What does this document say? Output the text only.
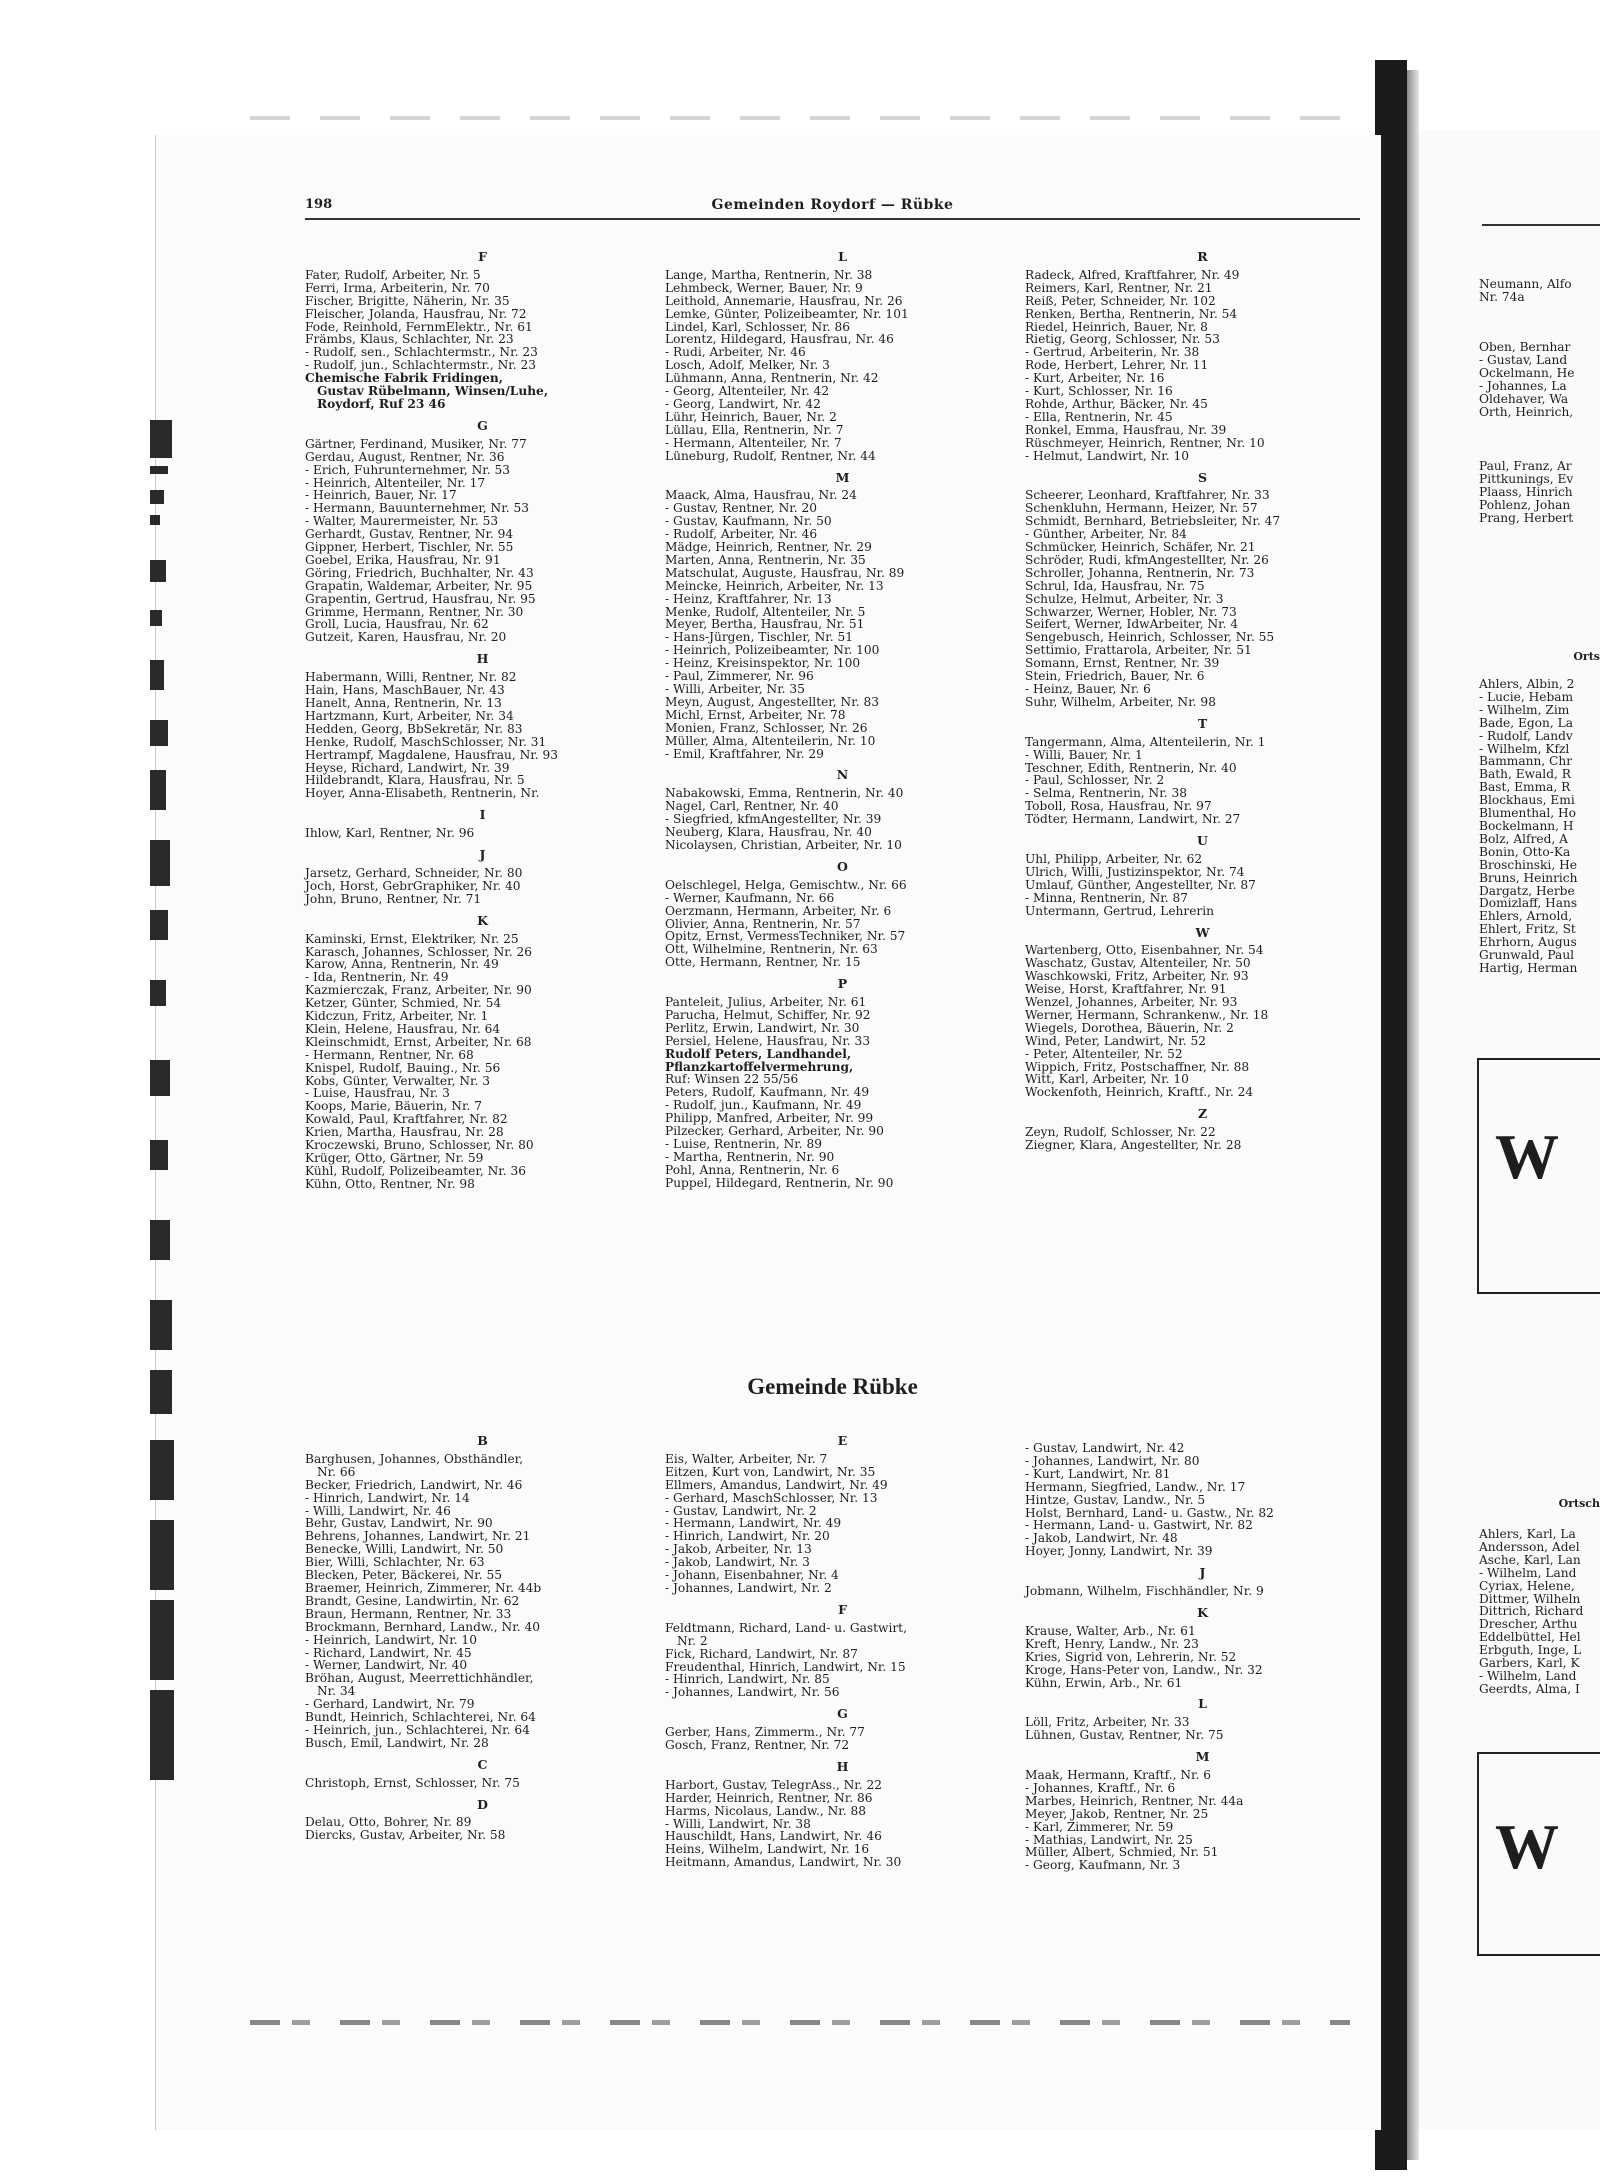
198	Gemeinden Roydorf — Rübke
F
Fater, Rudolf, Arbeiter, Nr. 5
Ferri, Irma, Arbeiterin, Nr. 70
Fischer, Brigitte, Näherin, Nr. 35
Fleischer, Jolanda, Hausfrau, Nr. 72
Fode, Reinhold, FernmElektr., Nr. 61
Främbs, Klaus, Schlachter, Nr. 23
- Rudolf, sen., Schlachtermstr., Nr. 23
- Rudolf, jun., Schlachtermstr., Nr. 23
Chemische Fabrik Fridingen,
Gustav Rübelmann, Winsen/Luhe,
Roydorf, Ruf 23 46
G
Gärtner, Ferdinand, Musiker, Nr. 77
Gerdau, August, Rentner, Nr. 36
- Erich, Fuhrunternehmer, Nr. 53
- Heinrich, Altenteiler, Nr. 17
- Heinrich, Bauer, Nr. 17
- Hermann, Bauunternehmer, Nr. 53
- Walter, Maurermeister, Nr. 53
Gerhardt, Gustav, Rentner, Nr. 94
Gippner, Herbert, Tischler, Nr. 55
Goebel, Erika, Hausfrau, Nr. 91
Göring, Friedrich, Buchhalter, Nr. 43
Grapatin, Waldemar, Arbeiter, Nr. 95
Grapentin, Gertrud, Hausfrau, Nr. 95
Grimme, Hermann, Rentner, Nr. 30
Groll, Lucia, Hausfrau, Nr. 62
Gutzeit, Karen, Hausfrau, Nr. 20
H
Habermann, Willi, Rentner, Nr. 82
Hain, Hans, MaschBauer, Nr. 43
Hanelt, Anna, Rentnerin, Nr. 13
Hartzmann, Kurt, Arbeiter, Nr. 34
Hedden, Georg, BbSekretär, Nr. 83
Henke, Rudolf, MaschSchlosser, Nr. 31
Hertrampf, Magdalene, Hausfrau, Nr. 93
Heyse, Richard, Landwirt, Nr. 39
Hildebrandt, Klara, Hausfrau, Nr. 5
Hoyer, Anna-Elisabeth, Rentnerin, Nr.
I
Ihlow, Karl, Rentner, Nr. 96
J
Jarsetz, Gerhard, Schneider, Nr. 80
Joch, Horst, GebrGraphiker, Nr. 40
John, Bruno, Rentner, Nr. 71
K
Kaminski, Ernst, Elektriker, Nr. 25
Karasch, Johannes, Schlosser, Nr. 26
Karow, Anna, Rentnerin, Nr. 49
- Ida, Rentnerin, Nr. 49
Kazmierczak, Franz, Arbeiter, Nr. 90
Ketzer, Günter, Schmied, Nr. 54
Kidczun, Fritz, Arbeiter, Nr. 1
Klein, Helene, Hausfrau, Nr. 64
Kleinschmidt, Ernst, Arbeiter, Nr. 68
- Hermann, Rentner, Nr. 68
Knispel, Rudolf, Bauing., Nr. 56
Kobs, Günter, Verwalter, Nr. 3
- Luise, Hausfrau, Nr. 3
Koops, Marie, Bäuerin, Nr. 7
Kowald, Paul, Kraftfahrer, Nr. 82
Krien, Martha, Hausfrau, Nr. 28
Kroczewski, Bruno, Schlosser, Nr. 80
Krüger, Otto, Gärtner, Nr. 59
Kühl, Rudolf, Polizeibeamter, Nr. 36
Kühn, Otto, Rentner, Nr. 98
L
Lange, Martha, Rentnerin, Nr. 38
Lehmbeck, Werner, Bauer, Nr. 9
Leithold, Annemarie, Hausfrau, Nr. 26
Lemke, Günter, Polizeibeamter, Nr. 101
Lindel, Karl, Schlosser, Nr. 86
Lorentz, Hildegard, Hausfrau, Nr. 46
- Rudi, Arbeiter, Nr. 46
Losch, Adolf, Melker, Nr. 3
Lühmann, Anna, Rentnerin, Nr. 42
- Georg, Altenteiler, Nr. 42
- Georg, Landwirt, Nr. 42
Lühr, Heinrich, Bauer, Nr. 2
Lüllau, Ella, Rentnerin, Nr. 7
- Hermann, Altenteiler, Nr. 7
Lüneburg, Rudolf, Rentner, Nr. 44
M
Maack, Alma, Hausfrau, Nr. 24
- Gustav, Rentner, Nr. 20
- Gustav, Kaufmann, Nr. 50
- Rudolf, Arbeiter, Nr. 46
Mädge, Heinrich, Rentner, Nr. 29
Marten, Anna, Rentnerin, Nr. 35
Matschulat, Auguste, Hausfrau, Nr. 89
Meincke, Heinrich, Arbeiter, Nr. 13
- Heinz, Kraftfahrer, Nr. 13
Menke, Rudolf, Altenteiler, Nr. 5
Meyer, Bertha, Hausfrau, Nr. 51
- Hans-Jürgen, Tischler, Nr. 51
- Heinrich, Polizeibeamter, Nr. 100
- Heinz, Kreisinspektor, Nr. 100
- Paul, Zimmerer, Nr. 96
- Willi, Arbeiter, Nr. 35
Meyn, August, Angestellter, Nr. 83
Michl, Ernst, Arbeiter, Nr. 78
Monien, Franz, Schlosser, Nr. 26
Müller, Alma, Altenteilerin, Nr. 10
- Emil, Kraftfahrer, Nr. 29
N
Nabakowski, Emma, Rentnerin, Nr. 40
Nagel, Carl, Rentner, Nr. 40
- Siegfried, kfmAngestellter, Nr. 39
Neuberg, Klara, Hausfrau, Nr. 40
Nicolaysen, Christian, Arbeiter, Nr. 10
O
Oelschlegel, Helga, Gemischtw., Nr. 66
- Werner, Kaufmann, Nr. 66
Oerzmann, Hermann, Arbeiter, Nr. 6
Olivier, Anna, Rentnerin, Nr. 57
Opitz, Ernst, VermessTechniker, Nr. 57
Ott, Wilhelmine, Rentnerin, Nr. 63
Otte, Hermann, Rentner, Nr. 15
P
Panteleit, Julius, Arbeiter, Nr. 61
Parucha, Helmut, Schiffer, Nr. 92
Perlitz, Erwin, Landwirt, Nr. 30
Persiel, Helene, Hausfrau, Nr. 33
Rudolf Peters, Landhandel,
Pflanzkartoffelvermehrung,
Ruf: Winsen 22 55/56
Peters, Rudolf, Kaufmann, Nr. 49
- Rudolf, jun., Kaufmann, Nr. 49
Philipp, Manfred, Arbeiter, Nr. 99
Pilzecker, Gerhard, Arbeiter, Nr. 90
- Luise, Rentnerin, Nr. 89
- Martha, Rentnerin, Nr. 90
Pohl, Anna, Rentnerin, Nr. 6
Puppel, Hildegard, Rentnerin, Nr. 90
R
Radeck, Alfred, Kraftfahrer, Nr. 49
Reimers, Karl, Rentner, Nr. 21
Reiß, Peter, Schneider, Nr. 102
Renken, Bertha, Rentnerin, Nr. 54
Riedel, Heinrich, Bauer, Nr. 8
Rietig, Georg, Schlosser, Nr. 53
- Gertrud, Arbeiterin, Nr. 38
Rode, Herbert, Lehrer, Nr. 11
- Kurt, Arbeiter, Nr. 16
- Kurt, Schlosser, Nr. 16
Rohde, Arthur, Bäcker, Nr. 45
- Ella, Rentnerin, Nr. 45
Ronkel, Emma, Hausfrau, Nr. 39
Rüschmeyer, Heinrich, Rentner, Nr. 10
- Helmut, Landwirt, Nr. 10
S
Scheerer, Leonhard, Kraftfahrer, Nr. 33
Schenkluhn, Hermann, Heizer, Nr. 57
Schmidt, Bernhard, Betriebsleiter, Nr. 47
- Günther, Arbeiter, Nr. 84
Schmücker, Heinrich, Schäfer, Nr. 21
Schröder, Rudi, kfmAngestellter, Nr. 26
Schroller, Johanna, Rentnerin, Nr. 73
Schrul, Ida, Hausfrau, Nr. 75
Schulze, Helmut, Arbeiter, Nr. 3
Schwarzer, Werner, Hobler, Nr. 73
Seifert, Werner, IdwArbeiter, Nr. 4
Sengebusch, Heinrich, Schlosser, Nr. 55
Settimio, Frattarola, Arbeiter, Nr. 51
Somann, Ernst, Rentner, Nr. 39
Stein, Friedrich, Bauer, Nr. 6
- Heinz, Bauer, Nr. 6
Suhr, Wilhelm, Arbeiter, Nr. 98
T
Tangermann, Alma, Altenteilerin, Nr. 1
- Willi, Bauer, Nr. 1
Teschner, Edith, Rentnerin, Nr. 40
- Paul, Schlosser, Nr. 2
- Selma, Rentnerin, Nr. 38
Toboll, Rosa, Hausfrau, Nr. 97
Tödter, Hermann, Landwirt, Nr. 27
U
Uhl, Philipp, Arbeiter, Nr. 62
Ulrich, Willi, Justizinspektor, Nr. 74
Umlauf, Günther, Angestellter, Nr. 87
- Minna, Rentnerin, Nr. 87
Untermann, Gertrud, Lehrerin
W
Wartenberg, Otto, Eisenbahner, Nr. 54
Waschatz, Gustav, Altenteiler, Nr. 50
Waschkowski, Fritz, Arbeiter, Nr. 93
Weise, Horst, Kraftfahrer, Nr. 91
Wenzel, Johannes, Arbeiter, Nr. 93
Werner, Hermann, Schrankenw., Nr. 18
Wiegels, Dorothea, Bäuerin, Nr. 2
Wind, Peter, Landwirt, Nr. 52
- Peter, Altenteiler, Nr. 52
Wippich, Fritz, Postschaffner, Nr. 88
Witt, Karl, Arbeiter, Nr. 10
Wockenfoth, Heinrich, Kraftf., Nr. 24
Z
Zeyn, Rudolf, Schlosser, Nr. 22
Ziegner, Klara, Angestellter, Nr. 28
Gemeinde Rübke
B
Barghusen, Johannes, Obsthändler,
Nr. 66
Becker, Friedrich, Landwirt, Nr. 46
- Hinrich, Landwirt, Nr. 14
- Willi, Landwirt, Nr. 46
Behr, Gustav, Landwirt, Nr. 90
Behrens, Johannes, Landwirt, Nr. 21
Benecke, Willi, Landwirt, Nr. 50
Bier, Willi, Schlachter, Nr. 63
Blecken, Peter, Bäckerei, Nr. 55
Braemer, Heinrich, Zimmerer, Nr. 44b
Brandt, Gesine, Landwirtin, Nr. 62
Braun, Hermann, Rentner, Nr. 33
Brockmann, Bernhard, Landw., Nr. 40
- Heinrich, Landwirt, Nr. 10
- Richard, Landwirt, Nr. 45
- Werner, Landwirt, Nr. 40
Bröhan, August, Meerrettichhändler,
Nr. 34
- Gerhard, Landwirt, Nr. 79
Bundt, Heinrich, Schlachterei, Nr. 64
- Heinrich, jun., Schlachterei, Nr. 64
Busch, Emil, Landwirt, Nr. 28
C
Christoph, Ernst, Schlosser, Nr. 75
D
Delau, Otto, Bohrer, Nr. 89
Diercks, Gustav, Arbeiter, Nr. 58
E
Eis, Walter, Arbeiter, Nr. 7
Eitzen, Kurt von, Landwirt, Nr. 35
Ellmers, Amandus, Landwirt, Nr. 49
- Gerhard, MaschSchlosser, Nr. 13
- Gustav, Landwirt, Nr. 2
- Hermann, Landwirt, Nr. 49
- Hinrich, Landwirt, Nr. 20
- Jakob, Arbeiter, Nr. 13
- Jakob, Landwirt, Nr. 3
- Johann, Eisenbahner, Nr. 4
- Johannes, Landwirt, Nr. 2
F
Feldtmann, Richard, Land- u. Gastwirt,
Nr. 2
Fick, Richard, Landwirt, Nr. 87
Freudenthal, Hinrich, Landwirt, Nr. 15
- Hinrich, Landwirt, Nr. 85
- Johannes, Landwirt, Nr. 56
G
Gerber, Hans, Zimmerm., Nr. 77
Gosch, Franz, Rentner, Nr. 72
H
Harbort, Gustav, TelegrAss., Nr. 22
Harder, Heinrich, Rentner, Nr. 86
Harms, Nicolaus, Landw., Nr. 88
- Willi, Landwirt, Nr. 38
Hauschildt, Hans, Landwirt, Nr. 46
Heins, Wilhelm, Landwirt, Nr. 16
Heitmann, Amandus, Landwirt, Nr. 30
- Gustav, Landwirt, Nr. 42
- Johannes, Landwirt, Nr. 80
- Kurt, Landwirt, Nr. 81
Hermann, Siegfried, Landw., Nr. 17
Hintze, Gustav, Landw., Nr. 5
Holst, Bernhard, Land- u. Gastw., Nr. 82
- Hermann, Land- u. Gastwirt, Nr. 82
- Jakob, Landwirt, Nr. 48
Hoyer, Jonny, Landwirt, Nr. 39
J
Jobmann, Wilhelm, Fischhändler, Nr. 9
K
Krause, Walter, Arb., Nr. 61
Kreft, Henry, Landw., Nr. 23
Kries, Sigrid von, Lehrerin, Nr. 52
Kroge, Hans-Peter von, Landw., Nr. 32
Kühn, Erwin, Arb., Nr. 61
L
Löll, Fritz, Arbeiter, Nr. 33
Lühnen, Gustav, Rentner, Nr. 75
M
Maak, Hermann, Kraftf., Nr. 6
- Johannes, Kraftf., Nr. 6
Marbes, Heinrich, Rentner, Nr. 44a
Meyer, Jakob, Rentner, Nr. 25
- Karl, Zimmerer, Nr. 59
- Mathias, Landwirt, Nr. 25
Müller, Albert, Schmied, Nr. 51
- Georg, Kaufmann, Nr. 3
Neumann, Alfo
Nr. 74a
Oben, Bernhar
- Gustav, Land
Ockelmann, He
- Johannes, La
Oldehaver, Wa
Orth, Heinrich,
Paul, Franz, Ar
Pittkunings, Ev
Plaass, Hinrich
Pohlenz, Johan
Prang, Herbert
Orts
Ahlers, Albin, 2
- Lucie, Hebam
- Wilhelm, Zim
Bade, Egon, La
- Rudolf, Landv
- Wilhelm, Kfzl
Bammann, Chr
Bath, Ewald, R
Bast, Emma, R
Blockhaus, Emi
Blumenthal, Ho
Bockelmann, H
Bolz, Alfred, A
Bonin, Otto-Ka
Broschinski, He
Bruns, Heinrich
Dargatz, Herbe
Domizlaff, Hans
Ehlers, Arnold,
Ehlert, Fritz, St
Ehrhorn, Augus
Grunwald, Paul
Hartig, Herman
W
Ortsch
Ahlers, Karl, La
Andersson, Adel
Asche, Karl, Lan
- Wilhelm, Land
Cyriax, Helene,
Dittmer, Wilheln
Dittrich, Richard
Drescher, Arthu
Eddelbüttel, Hel
Erbguth, Inge, L
Garbers, Karl, K
- Wilhelm, Land
Geerdts, Alma, I
W
